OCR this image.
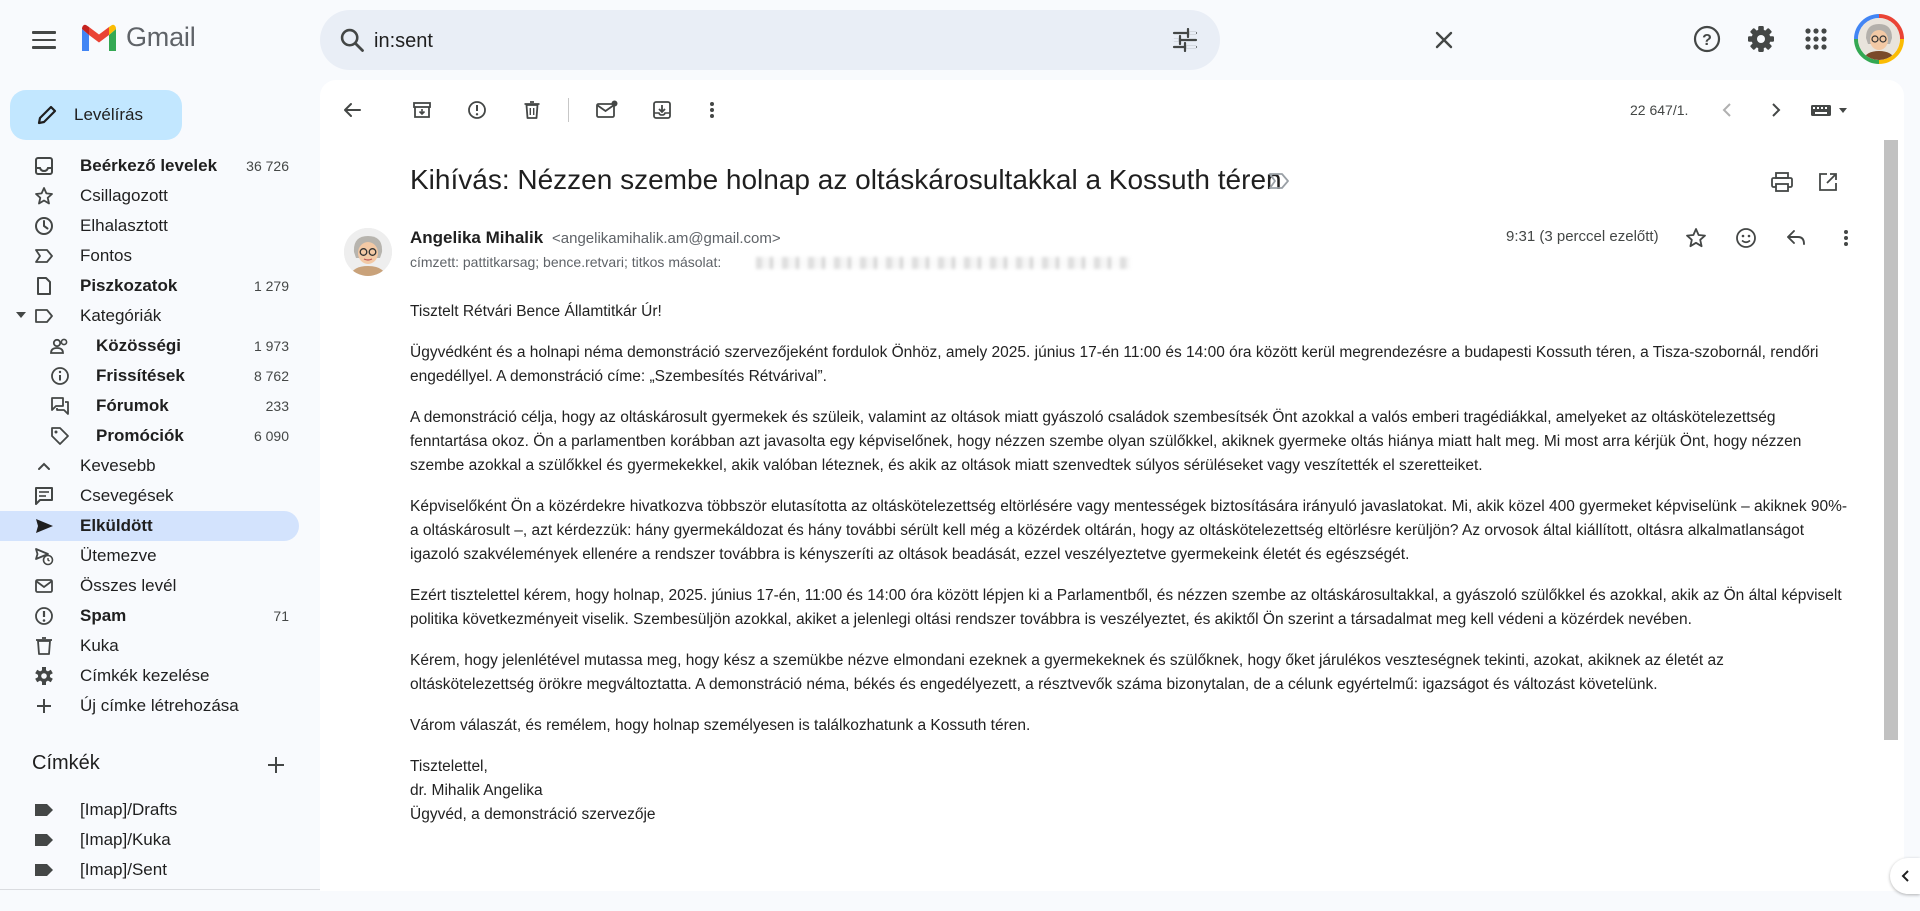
Gmail
in:sent	?
Levélírás
Beérkező levelek 36 726
Csillagozott
Elhalasztott
Fontos
Piszkozatok	1 279
Kategóriák
Közösségi	1 973
Frissítések	8 762
Fórumok	233
Promóciók	6 090
Kevesebb
Csevegések
Elküldött
Ütemezve
Összes levél
Spam	71
Kuka
Címkék kezelése
Új címke létrehozása
Címkék
[Imap]/Drafts
[Imap]/Kuka
[Imap]/Sent
22 647/1.
Kihívás: Nézzen szembe holnap az oltáskárosultakkal a Kossuth téren
Angelika Mihalik <angelikamihalik.am@gmail.com>
címzett: pattitkarsag; bence.retvari; titkos másolat:
9:31 (3 perccel ezelőtt)

Tisztelt Rétvári Bence Államtitkár Úr!

Ügyvédként és a holnapi néma demonstráció szervezőjeként fordulok Önhöz, amely 2025. június 17-én 11:00 és 14:00 óra között kerül megrendezésre a budapesti Kossuth téren, a Tisza-szobornál, rendőri engedéllyel. A demonstráció címe: „Szembesítés Rétvárival”.

A demonstráció célja, hogy az oltáskárosult gyermekek és szüleik, valamint az oltások miatt gyászoló családok szembesítsék Önt azokkal a valós emberi tragédiákkal, amelyeket az oltáskötelezettség fenntartása okoz. Ön a parlamentben korábban azt javasolta egy képviselőnek, hogy nézzen szembe olyan szülőkkel, akiknek gyermeke oltás hiánya miatt halt meg. Mi most arra kérjük Önt, hogy nézzen szembe azokkal a szülőkkel és gyermekekkel, akik valóban léteznek, és akik az oltások miatt szenvedtek súlyos sérüléseket vagy veszítették el szeretteiket.

Képviselőként Ön a közérdekre hivatkozva többször elutasította az oltáskötelezettség eltörlésére vagy mentességek biztosítására irányuló javaslatokat. Mi, akik közel 400 gyermeket képviselünk – akiknek 90%-a oltáskárosult –, azt kérdezzük: hány gyermekáldozat és hány további sérült kell még a közérdek oltárán, hogy az oltáskötelezettség eltörlésre kerüljön? Az orvosok által kiállított, oltásra alkalmatlanságot igazoló szakvélemények ellenére a rendszer továbbra is kényszeríti az oltások beadását, ezzel veszélyeztetve gyermekeink életét és egészségét.

Ezért tisztelettel kérem, hogy holnap, 2025. június 17-én, 11:00 és 14:00 óra között lépjen ki a Parlamentből, és nézzen szembe az oltáskárosultakkal, a gyászoló szülőkkel és azokkal, akik az Ön által képviselt politika következményeit viselik. Szembesüljön azokkal, akiket a jelenlegi oltási rendszer továbbra is veszélyeztet, és akiktől Ön szerint a társadalmat meg kell védeni a közérdek nevében.

Kérem, hogy jelenlétével mutassa meg, hogy kész a szemükbe nézve elmondani ezeknek a gyermekeknek és szülőknek, hogy őket járulékos veszteségnek tekinti, azokat, akiknek az életét az oltáskötelezettség örökre megváltoztatta. A demonstráció néma, békés és engedélyezett, a résztvevők száma bizonytalan, de a célunk egyértelmű: igazságot és változást követelünk.

Várom válaszát, és remélem, hogy holnap személyesen is találkozhatunk a Kossuth téren.

Tisztelettel,

dr. Mihalik Angelika

Ügyvéd, a demonstráció szervezője
